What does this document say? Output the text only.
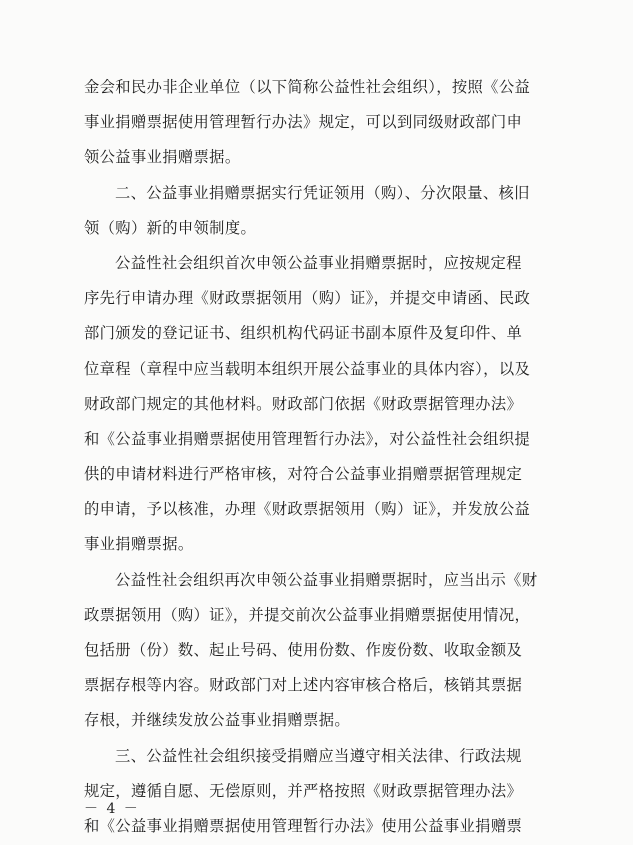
金会和民办非企业单位（以下简称公益性社会组织），按照《公益
事业捐赠票据使用管理暂行办法》规定，可以到同级财政部门申
领公益事业捐赠票据。
二、公益事业捐赠票据实行凭证领用（购）、分次限量、核旧
领（购）新的申领制度。
公益性社会组织首次申领公益事业捐赠票据时，应按规定程
序先行申请办理《财政票据领用（购）证》，并提交申请函、民政
部门颁发的登记证书、组织机构代码证书副本原件及复印件、单
位章程（章程中应当载明本组织开展公益事业的具体内容），以及
财政部门规定的其他材料。财政部门依据《财政票据管理办法》
和《公益事业捐赠票据使用管理暂行办法》，对公益性社会组织提
供的申请材料进行严格审核，对符合公益事业捐赠票据管理规定
的申请，予以核准，办理《财政票据领用（购）证》，并发放公益
事业捐赠票据。
公益性社会组织再次申领公益事业捐赠票据时，应当出示《财
政票据领用（购）证》，并提交前次公益事业捐赠票据使用情况，
包括册（份）数、起止号码、使用份数、作废份数、收取金额及
票据存根等内容。财政部门对上述内容审核合格后，核销其票据
存根，并继续发放公益事业捐赠票据。
三、公益性社会组织接受捐赠应当遵守相关法律、行政法规
规定，遵循自愿、无偿原则，并严格按照《财政票据管理办法》
和《公益事业捐赠票据使用管理暂行办法》使用公益事业捐赠票
－ 4 －
